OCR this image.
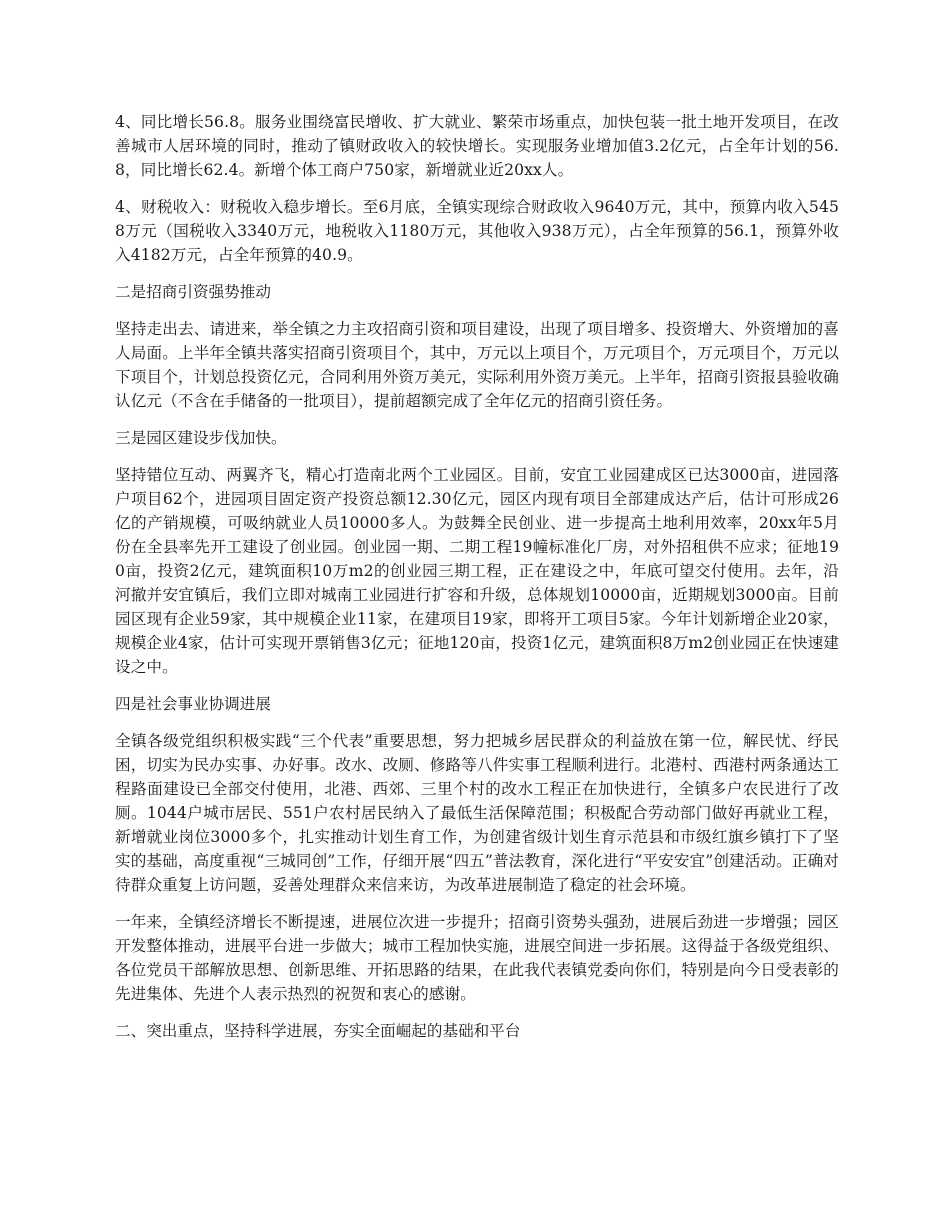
4、同比增长56.8。服务业围绕富民增收、扩大就业、繁荣市场重点，加快包装一批土地开发项目，在改善城市人居环境的同时，推动了镇财政收入的较快增长。实现服务业增加值3.2亿元，占全年计划的56.8，同比增长62.4。新增个体工商户750家，新增就业近20xx人。

4、财税收入：财税收入稳步增长。至6月底，全镇实现综合财政收入9640万元，其中，预算内收入5458万元（国税收入3340万元，地税收入1180万元，其他收入938万元），占全年预算的56.1，预算外收入4182万元，占全年预算的40.9。

二是招商引资强势推动

坚持走出去、请进来，举全镇之力主攻招商引资和项目建设，出现了项目增多、投资增大、外资增加的喜人局面。上半年全镇共落实招商引资项目个，其中，万元以上项目个，万元项目个，万元项目个，万元以下项目个，计划总投资亿元，合同利用外资万美元，实际利用外资万美元。上半年，招商引资报县验收确认亿元（不含在手储备的一批项目），提前超额完成了全年亿元的招商引资任务。

三是园区建设步伐加快。

坚持错位互动、两翼齐飞，精心打造南北两个工业园区。目前，安宜工业园建成区已达3000亩，进园落户项目62个，进园项目固定资产投资总额12.30亿元，园区内现有项目全部建成达产后，估计可形成26亿的产销规模，可吸纳就业人员10000多人。为鼓舞全民创业、进一步提高土地利用效率，20xx年5月份在全县率先开工建设了创业园。创业园一期、二期工程19幢标准化厂房，对外招租供不应求；征地190亩，投资2亿元，建筑面积10万m2的创业园三期工程，正在建设之中，年底可望交付使用。去年，沿河撤并安宜镇后，我们立即对城南工业园进行扩容和升级，总体规划10000亩，近期规划3000亩。目前园区现有企业59家，其中规模企业11家，在建项目19家，即将开工项目5家。今年计划新增企业20家，规模企业4家，估计可实现开票销售3亿元；征地120亩，投资1亿元，建筑面积8万m2创业园正在快速建设之中。

四是社会事业协调进展

全镇各级党组织积极实践“三个代表”重要思想，努力把城乡居民群众的利益放在第一位，解民忧、纾民困，切实为民办实事、办好事。改水、改厕、修路等八件实事工程顺利进行。北港村、西港村两条通达工程路面建设已全部交付使用，北港、西郊、三里个村的改水工程正在加快进行，全镇多户农民进行了改厕。1044户城市居民、551户农村居民纳入了最低生活保障范围；积极配合劳动部门做好再就业工程，新增就业岗位3000多个，扎实推动计划生育工作，为创建省级计划生育示范县和市级红旗乡镇打下了坚实的基础，高度重视“三城同创”工作，仔细开展“四五”普法教育，深化进行“平安安宜”创建活动。正确对待群众重复上访问题，妥善处理群众来信来访，为改革进展制造了稳定的社会环境。

一年来，全镇经济增长不断提速，进展位次进一步提升；招商引资势头强劲，进展后劲进一步增强；园区开发整体推动，进展平台进一步做大；城市工程加快实施，进展空间进一步拓展。这得益于各级党组织、各位党员干部解放思想、创新思维、开拓思路的结果，在此我代表镇党委向你们，特别是向今日受表彰的先进集体、先进个人表示热烈的祝贺和衷心的感谢。

二、突出重点，坚持科学进展，夯实全面崛起的基础和平台
